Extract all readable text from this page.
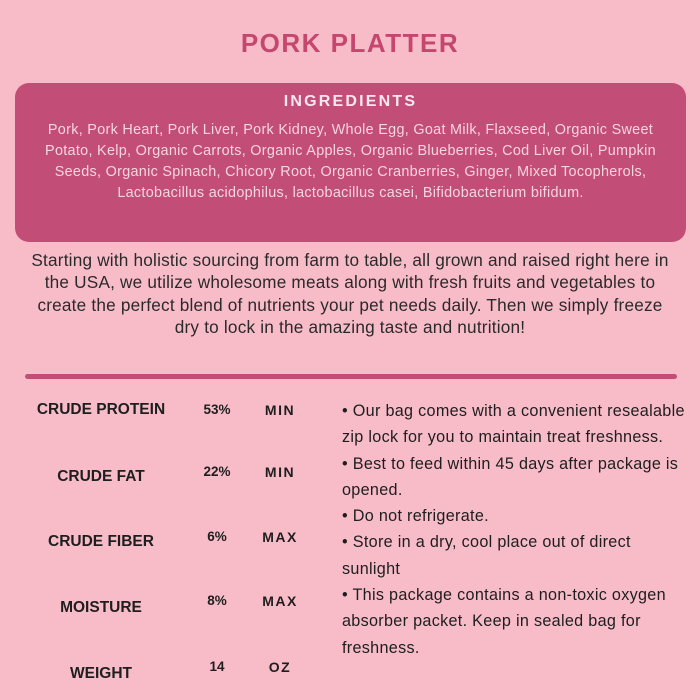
PORK PLATTER
INGREDIENTS
Pork, Pork Heart, Pork Liver, Pork Kidney, Whole Egg, Goat Milk, Flaxseed, Organic Sweet Potato, Kelp, Organic Carrots, Organic Apples, Organic Blueberries, Cod Liver Oil, Pumpkin Seeds, Organic Spinach, Chicory Root, Organic Cranberries, Ginger, Mixed Tocopherols, Lactobacillus acidophilus, lactobacillus casei, Bifidobacterium bifidum.
Starting with holistic sourcing from farm to table, all grown and raised right here in the USA, we utilize wholesome meats along with fresh fruits and vegetables to create the perfect blend of nutrients your pet needs daily. Then we simply freeze dry to lock in the amazing taste and nutrition!
CRUDE PROTEIN	53%	MIN
CRUDE FAT	22%	MIN
CRUDE FIBER	6%	MAX
MOISTURE	8%	MAX
WEIGHT	14	OZ

• Our bag comes with a convenient resealable zip lock for you to maintain treat freshness.

• Best to feed within 45 days after package is opened.

• Do not refrigerate.

• Store in a dry, cool place out of direct sunlight

• This package contains a non-toxic oxygen absorber packet. Keep in sealed bag for freshness.
